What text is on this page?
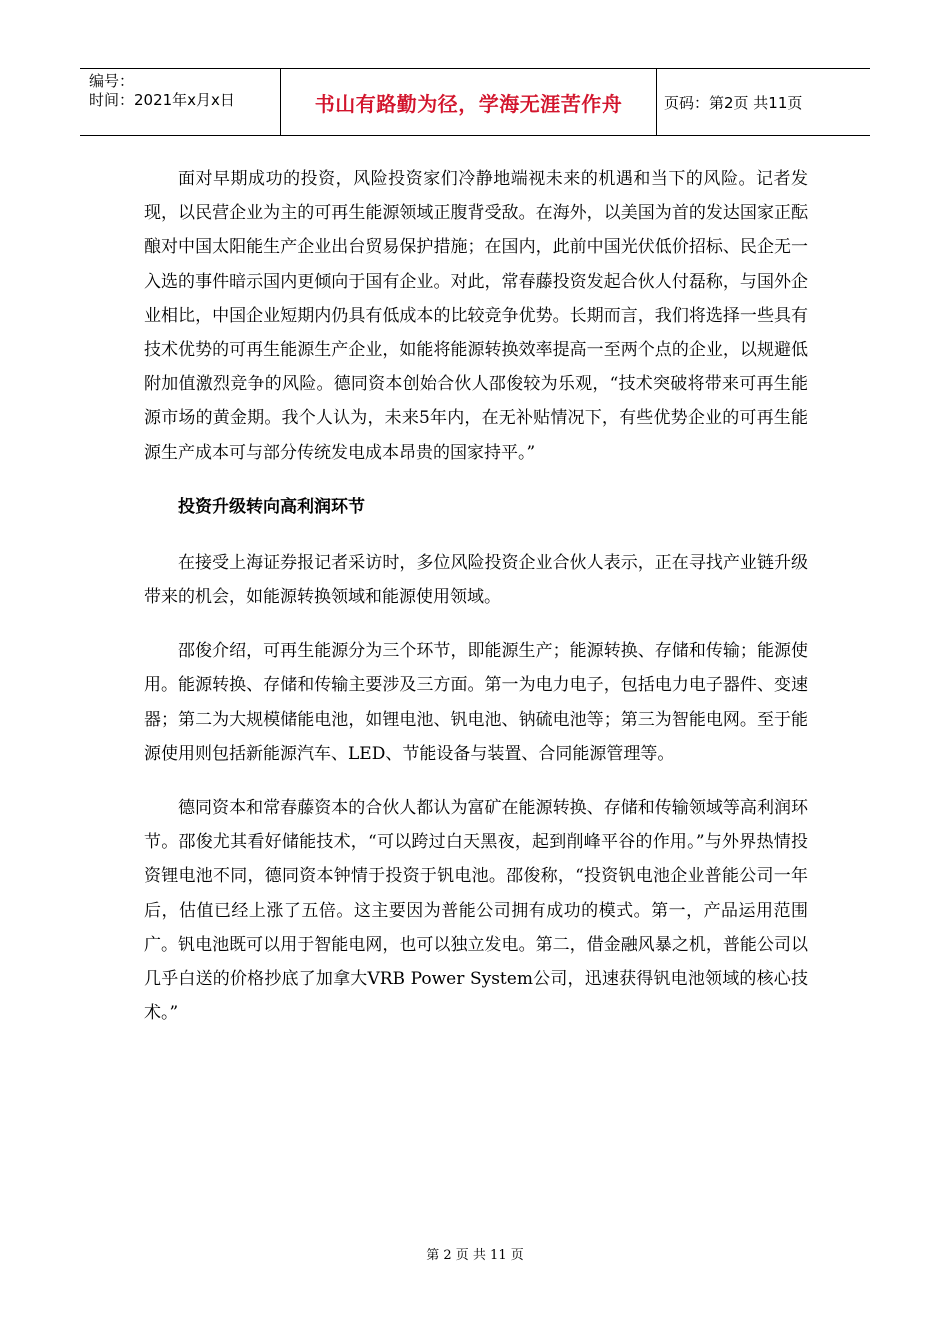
编号：
时间：2021年x月x日	书山有路勤为径，学海无涯苦作舟	页码：第2页 共11页

面对早期成功的投资，风险投资家们冷静地端视未来的机遇和当下的风险。记者发现，以民营企业为主的可再生能源领域正腹背受敌。在海外，以美国为首的发达国家正酝酿对中国太阳能生产企业出台贸易保护措施；在国内，此前中国光伏低价招标、民企无一入选的事件暗示国内更倾向于国有企业。对此，常春藤投资发起合伙人付磊称，与国外企业相比，中国企业短期内仍具有低成本的比较竞争优势。长期而言，我们将选择一些具有技术优势的可再生能源生产企业，如能将能源转换效率提高一至两个点的企业，以规避低附加值激烈竞争的风险。德同资本创始合伙人邵俊较为乐观，“技术突破将带来可再生能源市场的黄金期。我个人认为，未来5年内，在无补贴情况下，有些优势企业的可再生能源生产成本可与部分传统发电成本昂贵的国家持平。”

投资升级转向高利润环节

在接受上海证券报记者采访时，多位风险投资企业合伙人表示，正在寻找产业链升级带来的机会，如能源转换领域和能源使用领域。

邵俊介绍，可再生能源分为三个环节，即能源生产；能源转换、存储和传输；能源使用。能源转换、存储和传输主要涉及三方面。第一为电力电子，包括电力电子器件、变速器；第二为大规模储能电池，如锂电池、钒电池、钠硫电池等；第三为智能电网。至于能源使用则包括新能源汽车、LED、节能设备与装置、合同能源管理等。

德同资本和常春藤资本的合伙人都认为富矿在能源转换、存储和传输领域等高利润环节。邵俊尤其看好储能技术，“可以跨过白天黑夜，起到削峰平谷的作用。”与外界热情投资锂电池不同，德同资本钟情于投资于钒电池。邵俊称，“投资钒电池企业普能公司一年后，估值已经上涨了五倍。这主要因为普能公司拥有成功的模式。第一，产品运用范围广。钒电池既可以用于智能电网，也可以独立发电。第二，借金融风暴之机，普能公司以几乎白送的价格抄底了加拿大VRB Power System公司，迅速获得钒电池领域的核心技术。”

第 2 页 共 11 页
